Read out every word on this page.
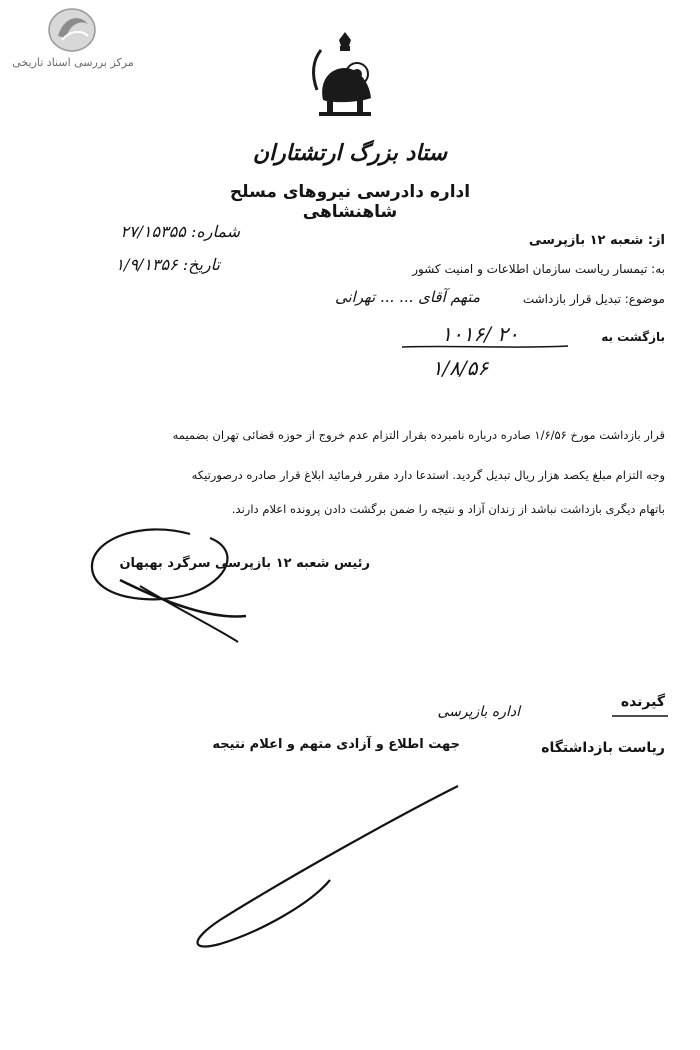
مرکز بررسی اسناد تاریخی
ستاد بزرگ ارتشتاران
اداره دادرسی نیروهای مسلح شاهنشاهی
شماره: ۲۷/۱۵۳۵۵
تاریخ: ۱/۹/۱۳۵۶
از: شعبه ۱۲ بازپرسی
به: تیمسار ریاست سازمان اطلاعات و امنیت کشور
موضوع: تبدیل قرار بازداشت
متهم آقای ... ... تهرانی
بازگشت به
۱۰۱۶/ ۲۰
۱/۸/۵۶
قرار بازداشت مورخ ۱/۶/۵۶ صادره درباره نامبرده بقرار التزام عدم خروج از حوزه قضائی تهران بضمیمه
وجه التزام مبلغ یکصد هزار ریال تبدیل گردید. استدعا دارد مقرر فرمائید ابلاغ قرار صادره درصورتیکه
باتهام دیگری بازداشت نباشد از زندان آزاد و نتیجه را ضمن برگشت دادن پرونده اعلام دارند.
رئیس شعبه ۱۲ بازپرسی سرگرد بهبهان
گیرنده
اداره بازپرسی
ریاست بازداشتگاه
جهت اطلاع و آزادی متهم و اعلام نتیجه
